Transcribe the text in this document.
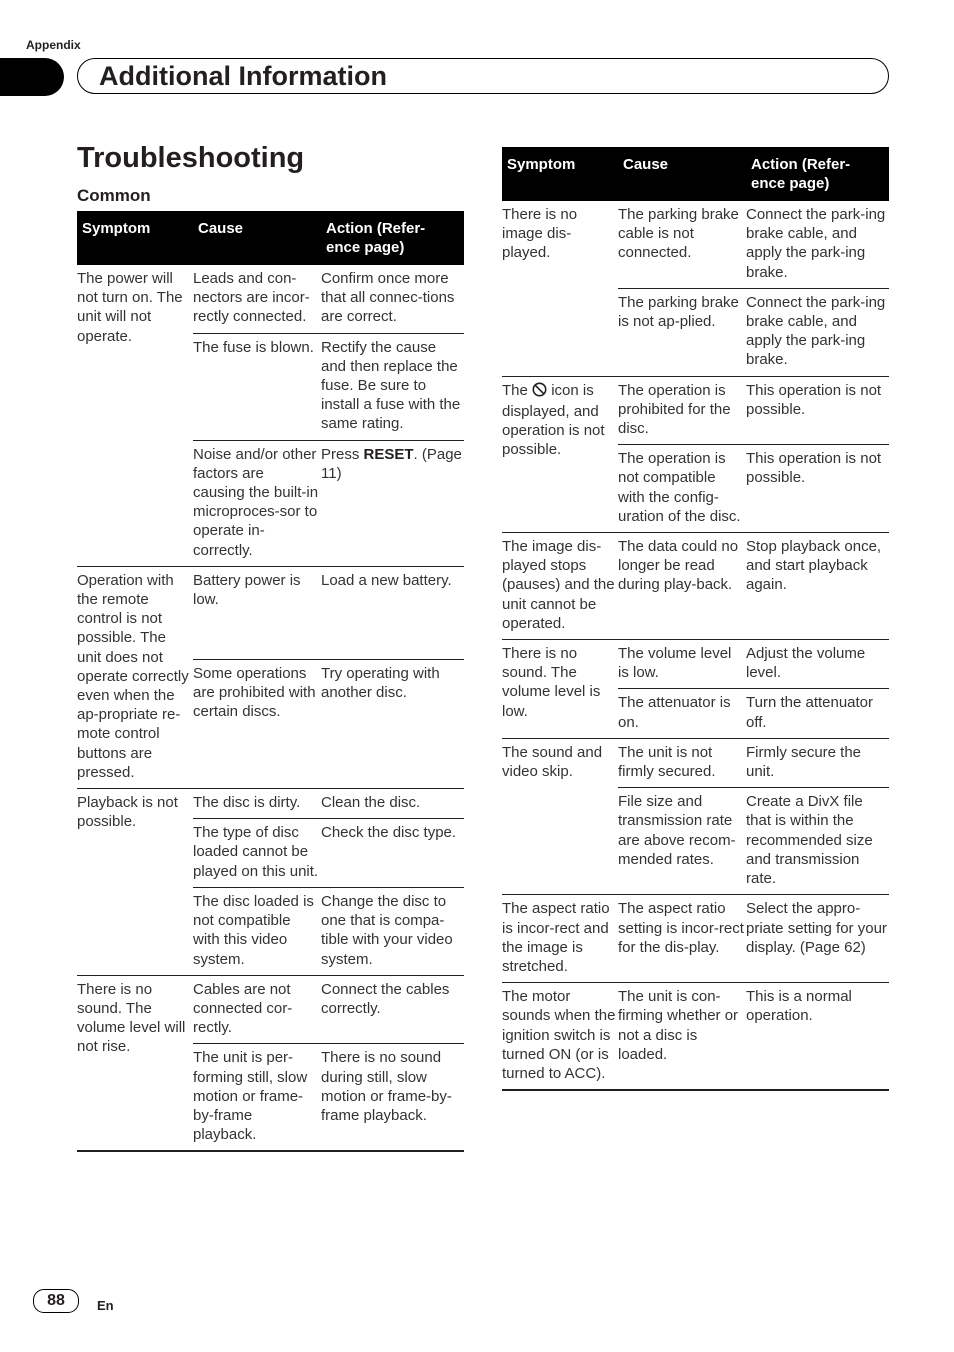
Appendix
Additional Information
Troubleshooting
Common
Symptom	Cause	Action (Refer-
ence page)
The power will not turn on. The unit will not operate.	Leads and con-nectors are incor-rectly connected.	Confirm once more that all connec-tions are correct.
	The fuse is blown.	Rectify the cause and then replace the fuse. Be sure to install a fuse with the same rating.
	Noise and/or other factors are causing the built-in microproces-sor to operate in-correctly.	Press RESET. (Page 11)
Operation with the remote control is not possible. The unit does not operate correctly even when the ap-propriate re-mote control buttons are pressed.	Battery power is low.	Load a new battery.
	Some operations are prohibited with certain discs.	Try operating with another disc.
Playback is not possible.	The disc is dirty.	Clean the disc.
	The type of disc loaded cannot be played on this unit.	Check the disc type.
	The disc loaded is not compatible with this video system.	Change the disc to one that is compa-tible with your video system.
There is no sound. The volume level will not rise.	Cables are not connected cor-rectly.	Connect the cables correctly.
	The unit is per-forming still, slow motion or frame-by-frame playback.	There is no sound during still, slow motion or frame-by-frame playback.
Symptom	Cause	Action (Refer-
ence page)
There is no image dis-played.	The parking brake cable is not connected.	Connect the park-ing brake cable, and apply the park-ing brake.
	The parking brake is not ap-plied.	Connect the park-ing brake cable, and apply the park-ing brake.
The icon is displayed, and operation is not possible.	The operation is prohibited for the disc.	This operation is not possible.
	The operation is not compatible with the config-uration of the disc.	This operation is not possible.
The image dis-played stops (pauses) and the unit cannot be operated.	The data could no longer be read during play-back.	Stop playback once, and start playback again.
There is no sound. The volume level is low.	The volume level is low.	Adjust the volume level.
	The attenuator is on.	Turn the attenuator off.
The sound and video skip.	The unit is not firmly secured.	Firmly secure the unit.
	File size and transmission rate are above recom-mended rates.	Create a DivX file that is within the recommended size and transmission rate.
The aspect ratio is incor-rect and the image is stretched.	The aspect ratio setting is incor-rect for the dis-play.	Select the appro-priate setting for your display. (Page 62)
The motor sounds when the ignition switch is turned ON (or is turned to ACC).	The unit is con-firming whether or not a disc is loaded.	This is a normal operation.
88	En
